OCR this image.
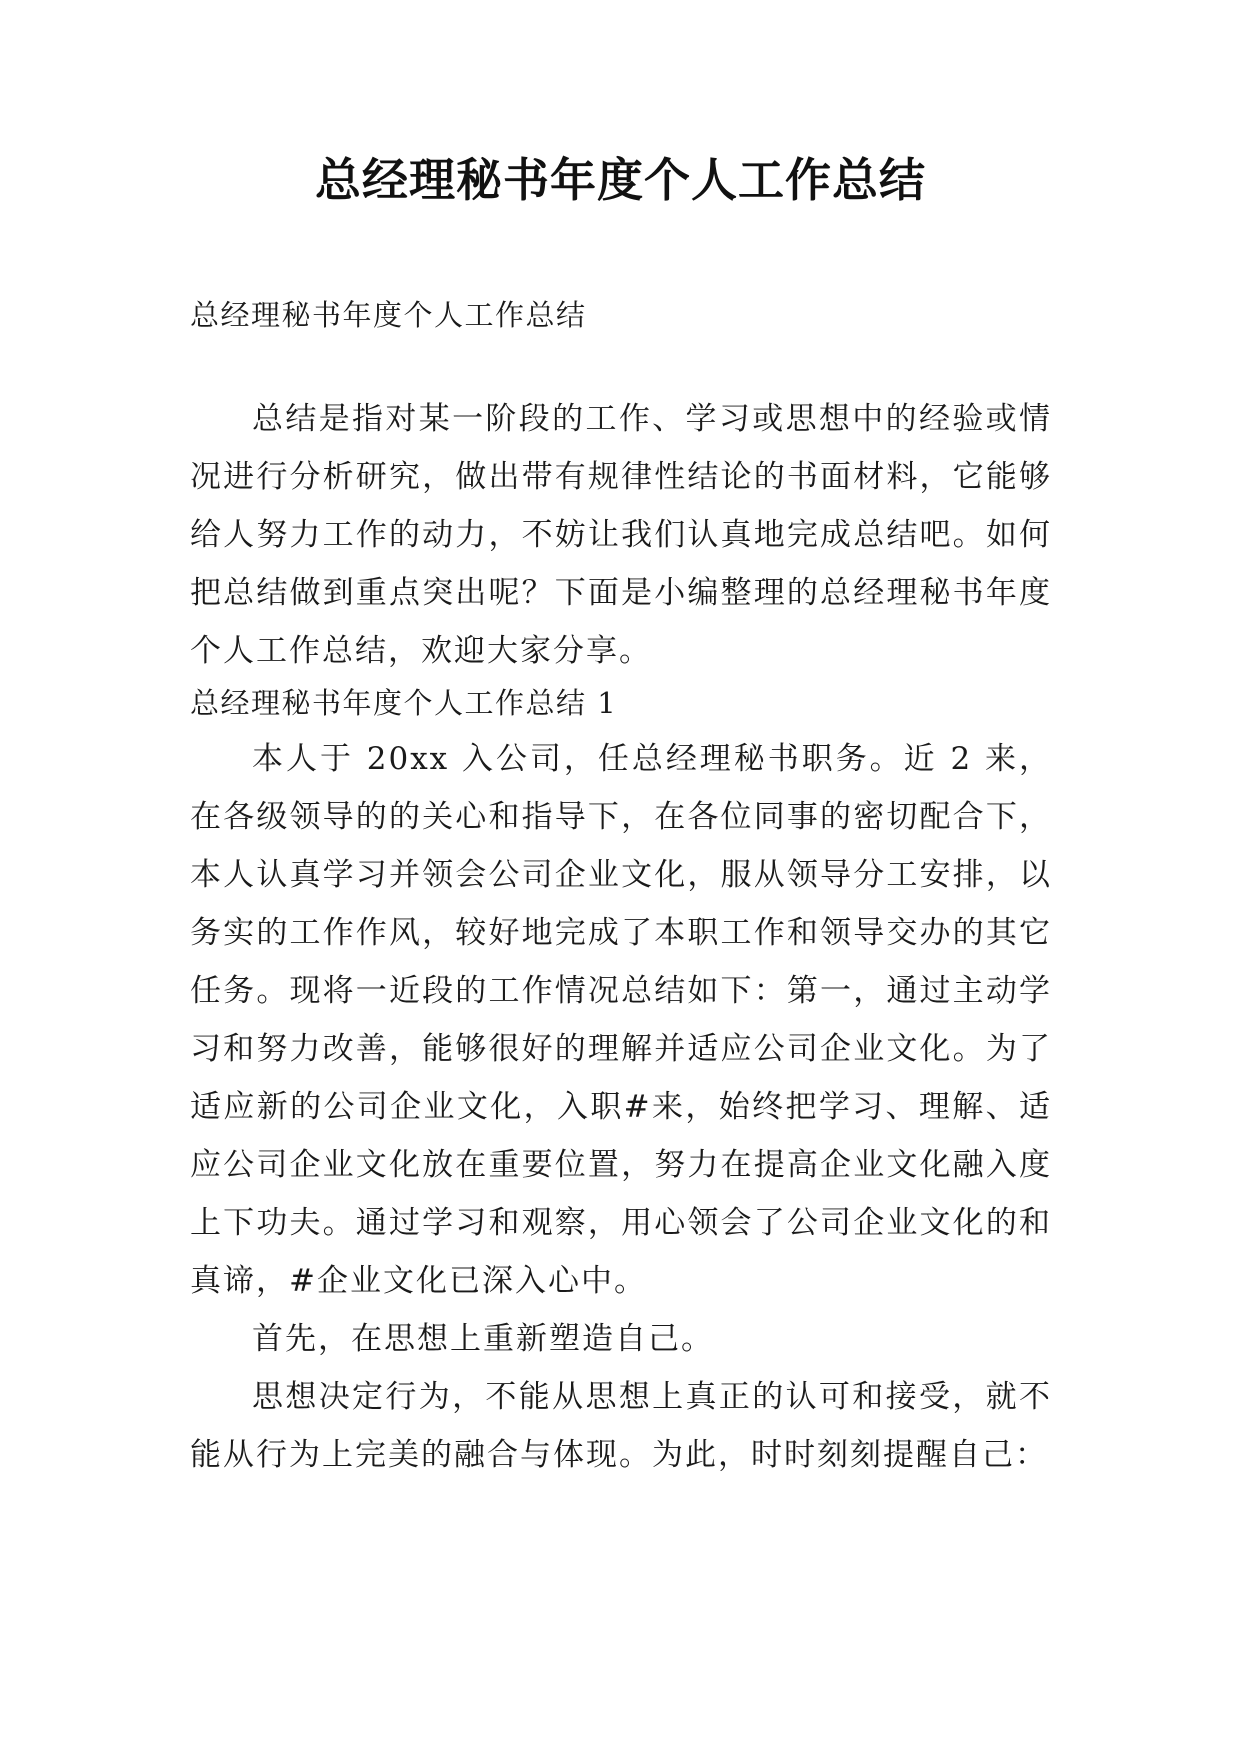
总经理秘书年度个人工作总结

总经理秘书年度个人工作总结

总结是指对某一阶段的工作、学习或思想中的经验或情况进行分析研究，做出带有规律性结论的书面材料，它能够给人努力工作的动力，不妨让我们认真地完成总结吧。如何把总结做到重点突出呢？下面是小编整理的总经理秘书年度个人工作总结，欢迎大家分享。

总经理秘书年度个人工作总结 1

本人于 20xx 入公司，任总经理秘书职务。近 2 来，在各级领导的的关心和指导下，在各位同事的密切配合下，本人认真学习并领会公司企业文化，服从领导分工安排，以务实的工作作风，较好地完成了本职工作和领导交办的其它任务。现将一近段的工作情况总结如下：第一，通过主动学习和努力改善，能够很好的理解并适应公司企业文化。为了适应新的公司企业文化，入职#来，始终把学习、理解、适应公司企业文化放在重要位置，努力在提高企业文化融入度上下功夫。通过学习和观察，用心领会了公司企业文化的和真谛，#企业文化已深入心中。

首先，在思想上重新塑造自己。

思想决定行为，不能从思想上真正的认可和接受，就不能从行为上完美的融合与体现。为此，时时刻刻提醒自己：
